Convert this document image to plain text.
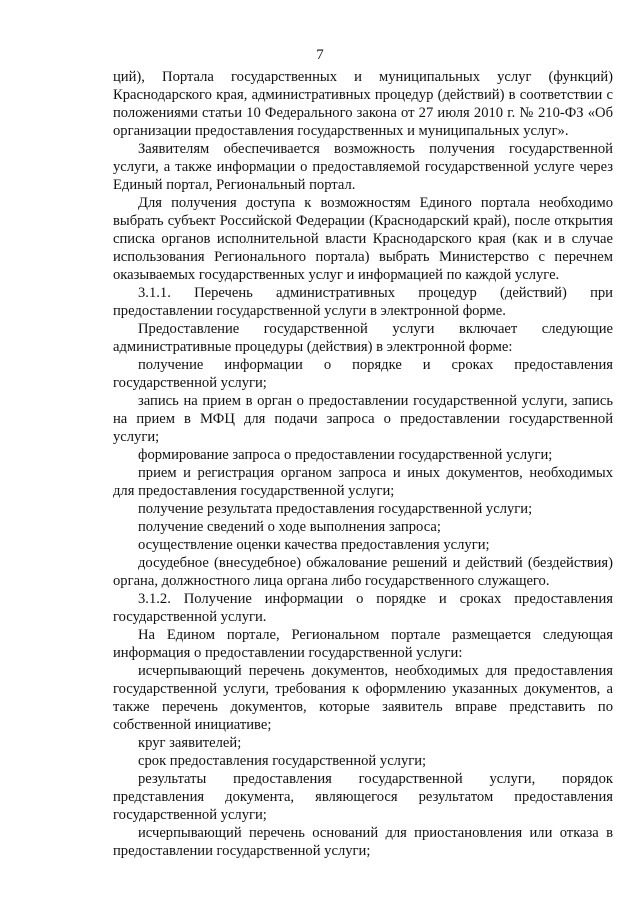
7

ций), Портала государственных и муниципальных услуг (функций) Краснодарского края, административных процедур (действий) в соответствии с положениями статьи 10 Федерального закона от 27 июля 2010 г. № 210-ФЗ «Об организации предоставления государственных и муниципальных услуг».

Заявителям обеспечивается возможность получения государственной услуги, а также информации о предоставляемой государственной услуге через Единый портал, Региональный портал.

Для получения доступа к возможностям Единого портала необходимо выбрать субъект Российской Федерации (Краснодарский край), после открытия списка органов исполнительной власти Краснодарского края (как и в случае использования Регионального портала) выбрать Министерство с перечнем оказываемых государственных услуг и информацией по каждой услуге.

3.1.1. Перечень административных процедур (действий) при предоставлении государственной услуги в электронной форме.

Предоставление государственной услуги включает следующие административные процедуры (действия) в электронной форме:

получение информации о порядке и сроках предоставления государственной услуги;

запись на прием в орган о предоставлении государственной услуги, запись на прием в МФЦ для подачи запроса о предоставлении государственной услуги;

формирование запроса о предоставлении государственной услуги;

прием и регистрация органом запроса и иных документов, необходимых для предоставления государственной услуги;

получение результата предоставления государственной услуги;

получение сведений о ходе выполнения запроса;

осуществление оценки качества предоставления услуги;

досудебное (внесудебное) обжалование решений и действий (бездействия) органа, должностного лица органа либо государственного служащего.

3.1.2. Получение информации о порядке и сроках предоставления государственной услуги.

На Едином портале, Региональном портале размещается следующая информация о предоставлении государственной услуги:

исчерпывающий перечень документов, необходимых для предоставления государственной услуги, требования к оформлению указанных документов, а также перечень документов, которые заявитель вправе представить по собственной инициативе;

круг заявителей;

срок предоставления государственной услуги;

результаты предоставления государственной услуги, порядок представления документа, являющегося результатом предоставления государственной услуги;

исчерпывающий перечень оснований для приостановления или отказа в предоставлении государственной услуги;
